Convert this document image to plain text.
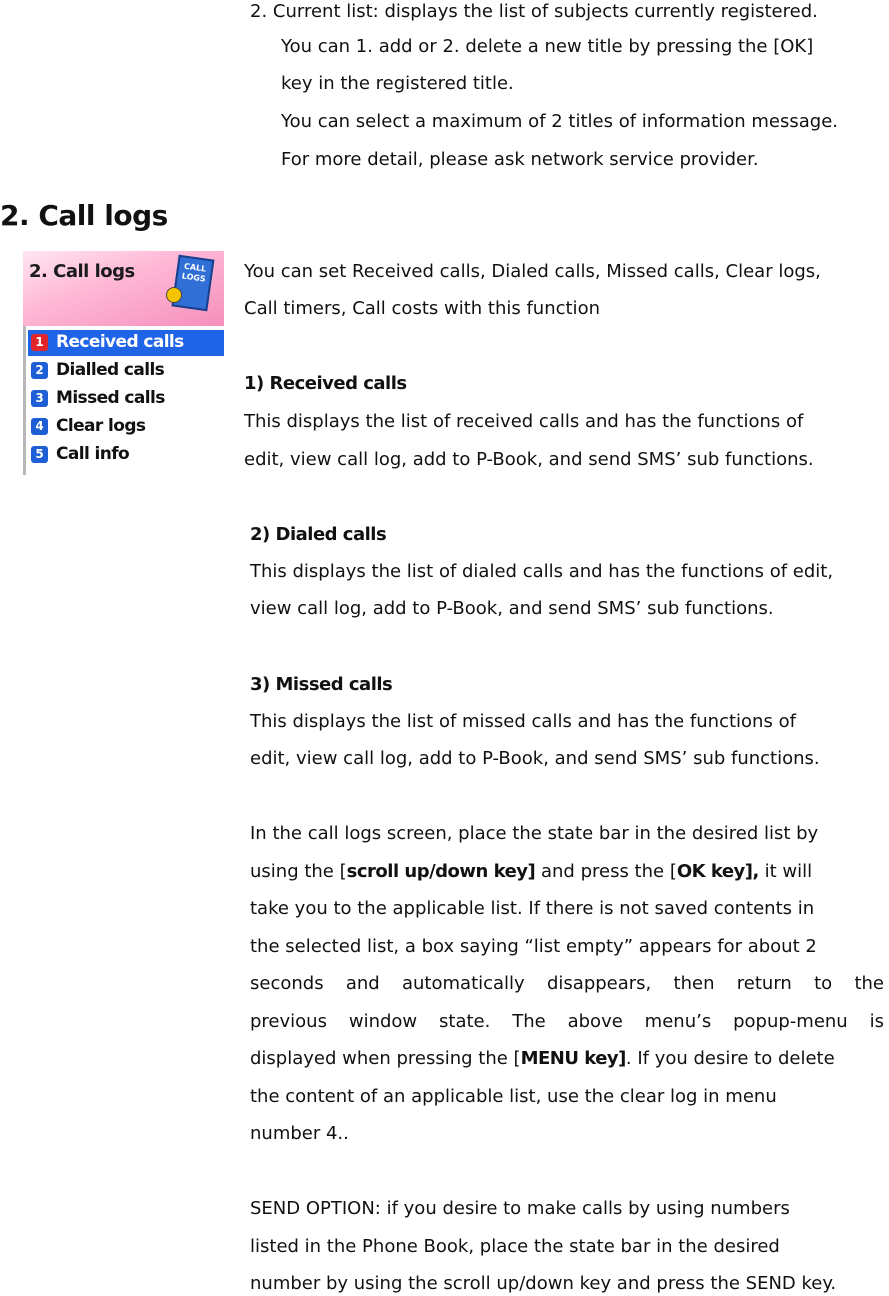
2. Current list: displays the list of subjects currently registered.
You can 1. add or 2. delete a new title by pressing the [OK]
key in the registered title.
You can select a maximum of 2 titles of information message.
For more detail, please ask network service provider.
2. Call logs
2. Call logs	CALL LOGS
1 Received calls
2 Dialled calls
3 Missed calls
4 Clear logs
5 Call info
You can set Received calls, Dialed calls, Missed calls, Clear logs,
Call timers, Call costs with this function
1) Received calls
This displays the list of received calls and has the functions of
edit, view call log, add to P-Book, and send SMS’ sub functions.
2) Dialed calls
This displays the list of dialed calls and has the functions of edit,
view call log, add to P-Book, and send SMS’ sub functions.
3) Missed calls
This displays the list of missed calls and has the functions of
edit, view call log, add to P-Book, and send SMS’ sub functions.
In the call logs screen, place the state bar in the desired list by
using the [scroll up/down key] and press the [OK key], it will
take you to the applicable list. If there is not saved contents in
the selected list, a box saying “list empty” appears for about 2
seconds and automatically disappears, then return to the
previous window state. The above menu’s popup-menu is
displayed when pressing the [MENU key]. If you desire to delete
the content of an applicable list, use the clear log in menu
number 4..
SEND OPTION: if you desire to make calls by using numbers
listed in the Phone Book, place the state bar in the desired
number by using the scroll up/down key and press the SEND key.
